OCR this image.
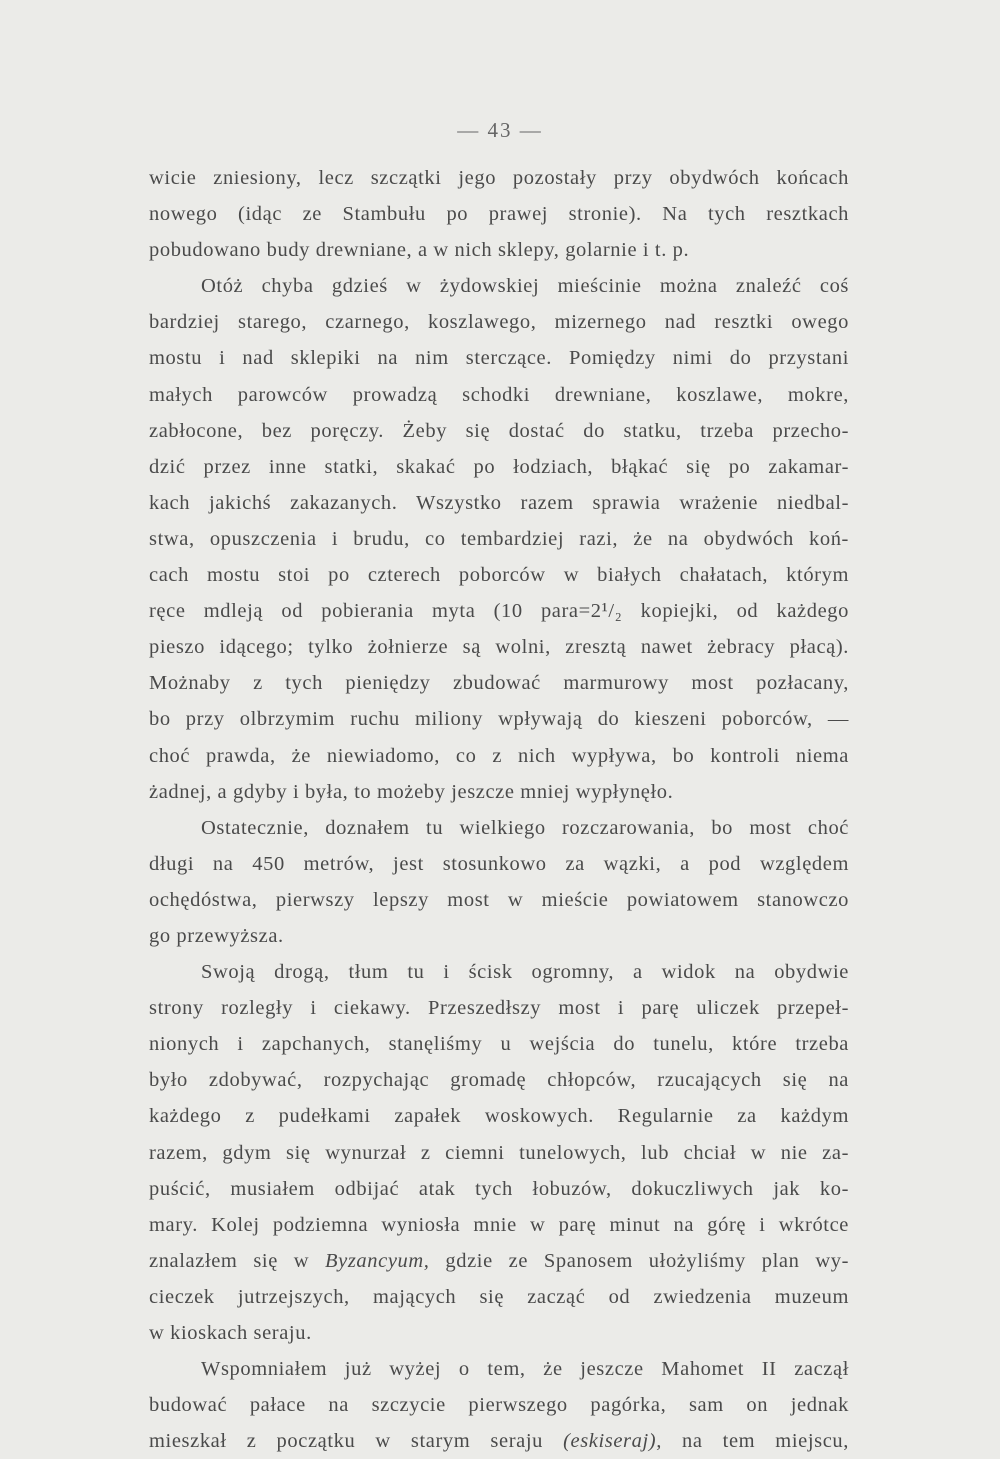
— 43 —
wicie zniesiony, lecz szczątki jego pozostały przy obydwóch końcach
nowego (idąc ze Stambułu po prawej stronie). Na tych resztkach
pobudowano budy drewniane, a w nich sklepy, golarnie i t. p.
Otóż chyba gdzieś w żydowskiej mieścinie można znaleźć coś
bardziej starego, czarnego, koszlawego, mizernego nad resztki owego
mostu i nad sklepiki na nim sterczące. Pomiędzy nimi do przystani
małych parowców prowadzą schodki drewniane, koszlawe, mokre,
zabłocone, bez poręczy. Żeby się dostać do statku, trzeba przecho-
dzić przez inne statki, skakać po łodziach, błąkać się po zakamar-
kach jakichś zakazanych. Wszystko razem sprawia wrażenie niedbal-
stwa, opuszczenia i brudu, co tembardziej razi, że na obydwóch koń-
cach mostu stoi po czterech poborców w białych chałatach, którym
ręce mdleją od pobierania myta (10 para=2¹/₂ kopiejki, od każdego
pieszo idącego; tylko żołnierze są wolni, zresztą nawet żebracy płacą).
Możnaby z tych pieniędzy zbudować marmurowy most pozłacany,
bo przy olbrzymim ruchu miliony wpływają do kieszeni poborców, —
choć prawda, że niewiadomo, co z nich wypływa, bo kontroli niema
żadnej, a gdyby i była, to możeby jeszcze mniej wypłynęło.
Ostatecznie, doznałem tu wielkiego rozczarowania, bo most choć
długi na 450 metrów, jest stosunkowo za wązki, a pod względem
ochędóstwa, pierwszy lepszy most w mieście powiatowem stanowczo
go przewyższa.
Swoją drogą, tłum tu i ścisk ogromny, a widok na obydwie
strony rozległy i ciekawy. Przeszedłszy most i parę uliczek przepeł-
nionych i zapchanych, stanęliśmy u wejścia do tunelu, które trzeba
było zdobywać, rozpychając gromadę chłopców, rzucających się na
każdego z pudełkami zapałek woskowych. Regularnie za każdym
razem, gdym się wynurzał z ciemni tunelowych, lub chciał w nie za-
puścić, musiałem odbijać atak tych łobuzów, dokuczliwych jak ko-
mary. Kolej podziemna wyniosła mnie w parę minut na górę i wkrótce
znalazłem się w Byzancyum, gdzie ze Spanosem ułożyliśmy plan wy-
cieczek jutrzejszych, mających się zacząć od zwiedzenia muzeum
w kioskach seraju.
Wspomniałem już wyżej o tem, że jeszcze Mahomet II zaczął
budować pałace na szczycie pierwszego pagórka, sam on jednak
mieszkał z początku w starym seraju (eskiseraj), na tem miejscu,
